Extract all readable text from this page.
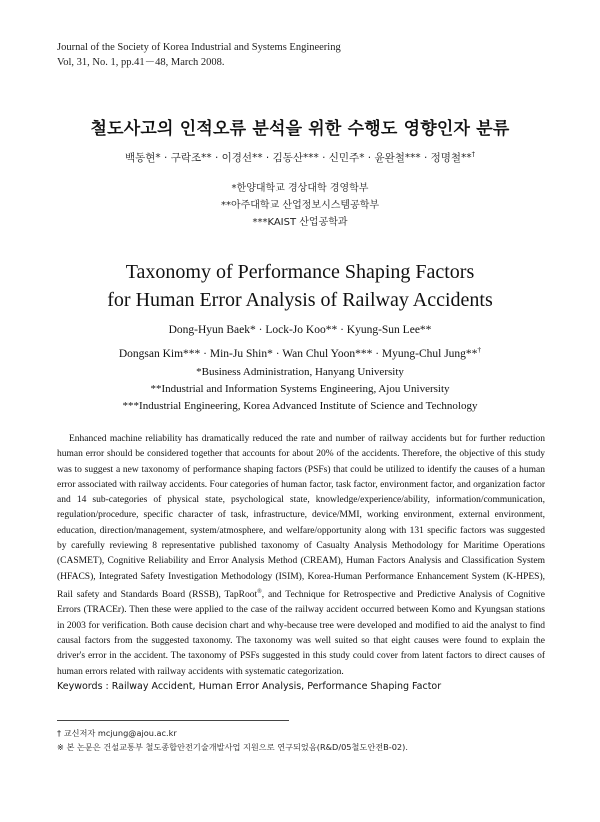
Journal of the Society of Korea Industrial and Systems Engineering
Vol, 31, No. 1, pp.41－48, March 2008.
철도사고의 인적오류 분석을 위한 수행도 영향인자 분류
백동현* · 구락조** · 이경선** · 김동산*** · 신민주* · 윤완철*** · 정명철**†
*한양대학교 경상대학 경영학부
**아주대학교 산업정보시스템공학부
***KAIST 산업공학과
Taxonomy of Performance Shaping Factors
for Human Error Analysis of Railway Accidents
Dong-Hyun Baek* · Lock-Jo Koo** · Kyung-Sun Lee**
Dongsan Kim*** · Min-Ju Shin* · Wan Chul Yoon*** · Myung-Chul Jung**†
*Business Administration, Hanyang University
**Industrial and Information Systems Engineering, Ajou University
***Industrial Engineering, Korea Advanced Institute of Science and Technology
Enhanced machine reliability has dramatically reduced the rate and number of railway accidents but for further reduction human error should be considered together that accounts for about 20% of the accidents. Therefore, the objective of this study was to suggest a new taxonomy of performance shaping factors (PSFs) that could be utilized to identify the causes of a human error associated with railway accidents. Four categories of human factor, task factor, environment factor, and organization factor and 14 sub-categories of physical state, psychological state, knowledge/experience/ability, information/communication, regulation/procedure, specific character of task, infrastructure, device/MMI, working environment, external environment, education, direction/management, system/atmosphere, and welfare/opportunity along with 131 specific factors was suggested by carefully reviewing 8 representative published taxonomy of Casualty Analysis Methodology for Maritime Operations (CASMET), Cognitive Reliability and Error Analysis Method (CREAM), Human Factors Analysis and Classification System (HFACS), Integrated Safety Investigation Methodology (ISIM), Korea-Human Performance Enhancement System (K-HPES), Rail safety and Standards Board (RSSB), TapRoot®, and Technique for Retrospective and Predictive Analysis of Cognitive Errors (TRACEr). Then these were applied to the case of the railway accident occurred between Komo and Kyungsan stations in 2003 for verification. Both cause decision chart and why-because tree were developed and modified to aid the analyst to find causal factors from the suggested taxonomy. The taxonomy was well suited so that eight causes were found to explain the driver's error in the accident. The taxonomy of PSFs suggested in this study could cover from latent factors to direct causes of human errors related with railway accidents with systematic categorization.
Keywords : Railway Accident, Human Error Analysis, Performance Shaping Factor
† 교신저자 mcjung@ajou.ac.kr
※ 본 논문은 건설교통부 철도종합안전기술개발사업 지원으로 연구되었음(R&D/05철도안전B-02).
